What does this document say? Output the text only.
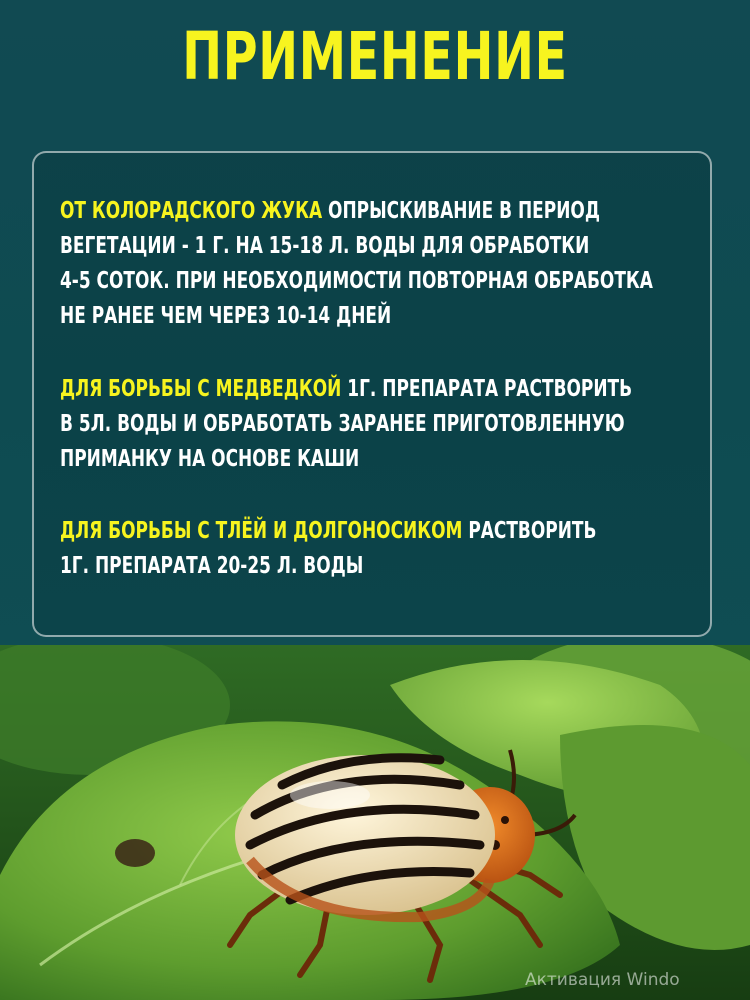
ПРИМЕНЕНИЕ
ОТ КОЛОРАДСКОГО ЖУКА ОПРЫСКИВАНИЕ В ПЕРИОД
ВЕГЕТАЦИИ - 1 Г. НА 15-18 Л. ВОДЫ ДЛЯ ОБРАБОТКИ
4-5 СОТОК. ПРИ НЕОБХОДИМОСТИ ПОВТОРНАЯ ОБРАБОТКА
НЕ РАНЕЕ ЧЕМ ЧЕРЕЗ 10-14 ДНЕЙ
ДЛЯ БОРЬБЫ С МЕДВЕДКОЙ 1Г. ПРЕПАРАТА РАСТВОРИТЬ
В 5Л. ВОДЫ И ОБРАБОТАТЬ ЗАРАНЕЕ ПРИГОТОВЛЕННУЮ
ПРИМАНКУ НА ОСНОВЕ КАШИ
ДЛЯ БОРЬБЫ С ТЛЁЙ И ДОЛГОНОСИКОМ РАСТВОРИТЬ
1Г. ПРЕПАРАТА 20-25 Л. ВОДЫ
Активация Windo
